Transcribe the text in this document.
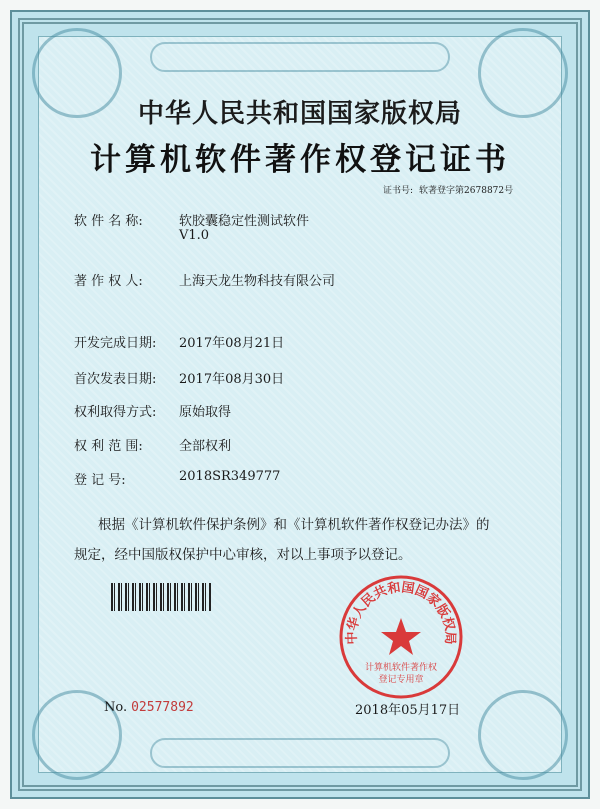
中华人民共和国国家版权局
计算机软件著作权登记证书
证书号: 软著登字第2678872号
软 件 名 称:	软胶囊稳定性测试软件
V1.0
著 作 权 人:	上海天龙生物科技有限公司
开发完成日期: 2017年08月21日
首次发表日期: 2017年08月30日
权利取得方式: 原始取得
权 利 范 围:	全部权利
登 记 号:	2018SR349777
根据《计算机软件保护条例》和《计算机软件著作权登记办法》的
规定，经中国版权保护中心审核，对以上事项予以登记。
中华人民共和国国家版权局
计算机软件著作权
登记专用章
No. 02577892	2018年05月17日
